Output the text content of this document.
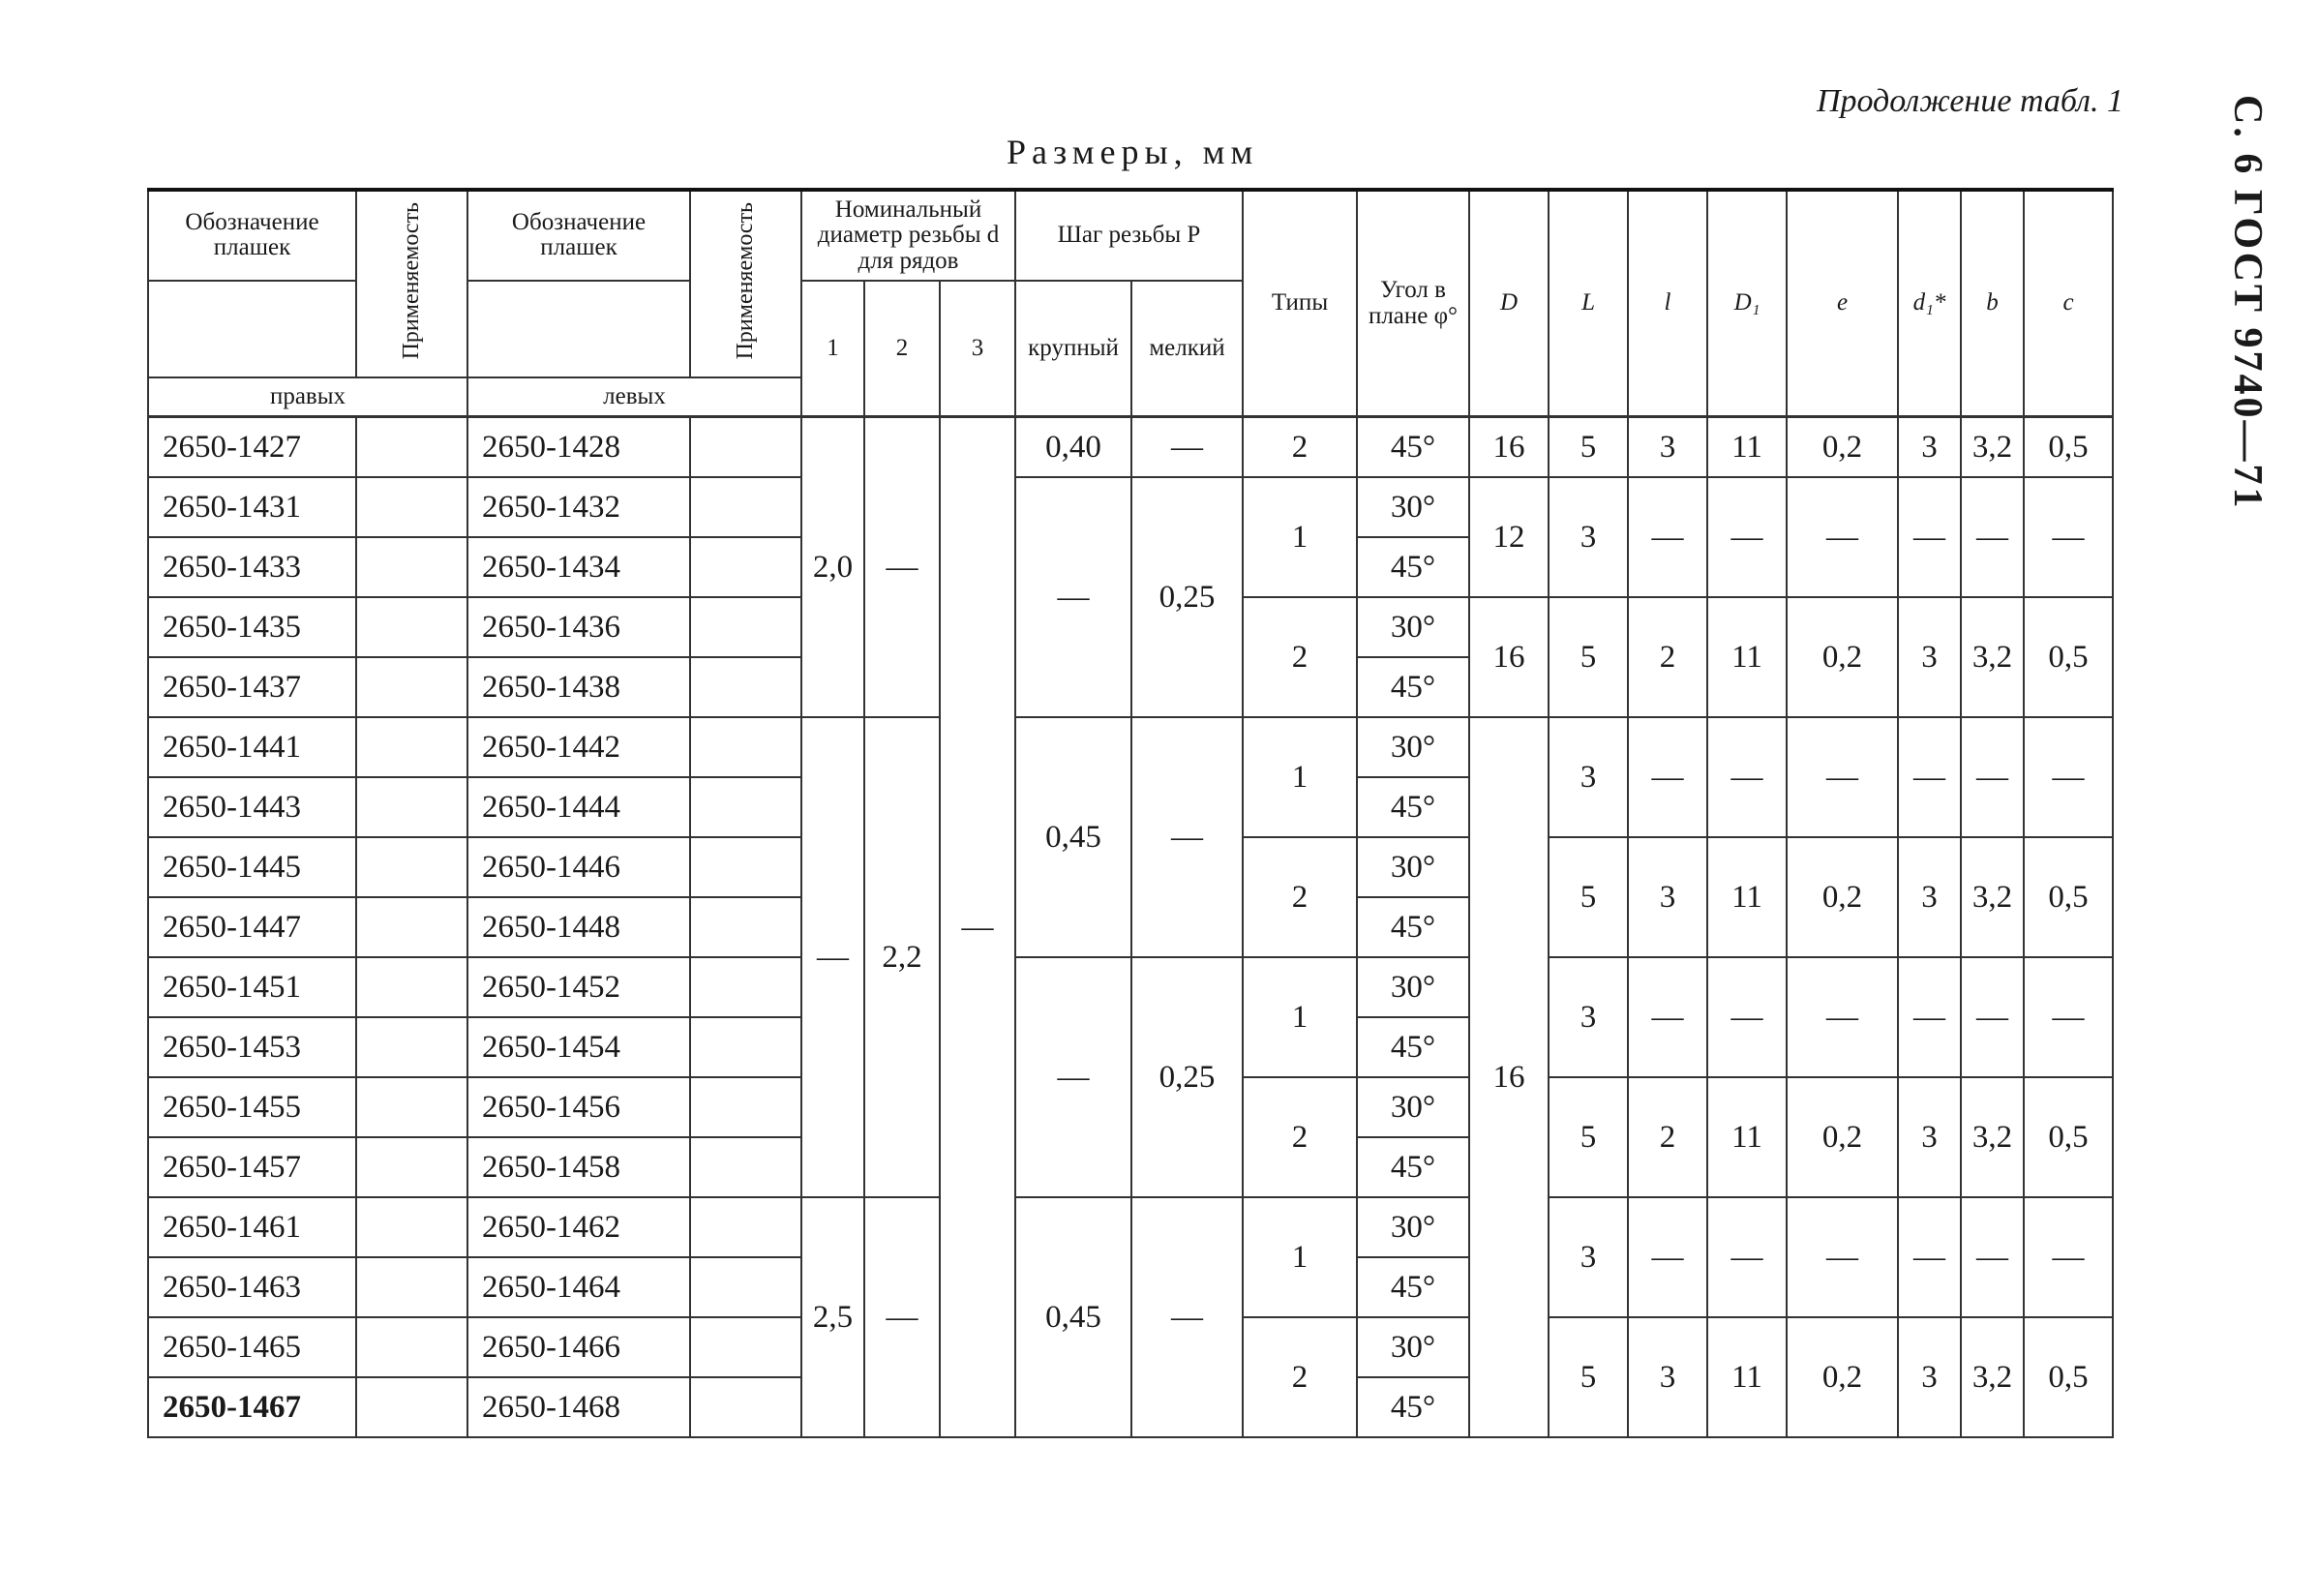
Продолжение табл. 1	С. 6 ГОСТ 9740—71
Размеры, мм
Обозначение плашек	Применяемость	Обозначение плашек	Применяемость	Номинальный диаметр резьбы d для рядов			Шаг резьбы P		Типы	Угол в плане φ°	D	L	l	D₁	e	d₁*	b	c
				1	2	3	крупный	мелкий										
правых		левых																
2650-1427		2650-1428		2,0	—	—	0,40	—	2	45°	16	5	3	11	0,2	3	3,2	0,5
2650-1431		2650-1432					—	0,25	1	30°	12	3	—	—	—	—	—	—
2650-1433		2650-1434								45°								
2650-1435		2650-1436							2	30°	16	5	2	11	0,2	3	3,2	0,5
2650-1437		2650-1438								45°								
2650-1441		2650-1442		—	2,2		0,45	—	1	30°	16	3	—	—	—	—	—	—
2650-1443		2650-1444								45°								
2650-1445		2650-1446							2	30°		5	3	11	0,2	3	3,2	0,5
2650-1447		2650-1448								45°								
2650-1451		2650-1452					—	0,25	1	30°		3	—	—	—	—	—	—
2650-1453		2650-1454								45°								
2650-1455		2650-1456							2	30°		5	2	11	0,2	3	3,2	0,5
2650-1457		2650-1458								45°								
2650-1461		2650-1462		2,5	—		0,45	—	1	30°		3	—	—	—	—	—	—
2650-1463		2650-1464								45°								
2650-1465		2650-1466							2	30°		5	3	11	0,2	3	3,2	0,5
2650-1467		2650-1468								45°								
